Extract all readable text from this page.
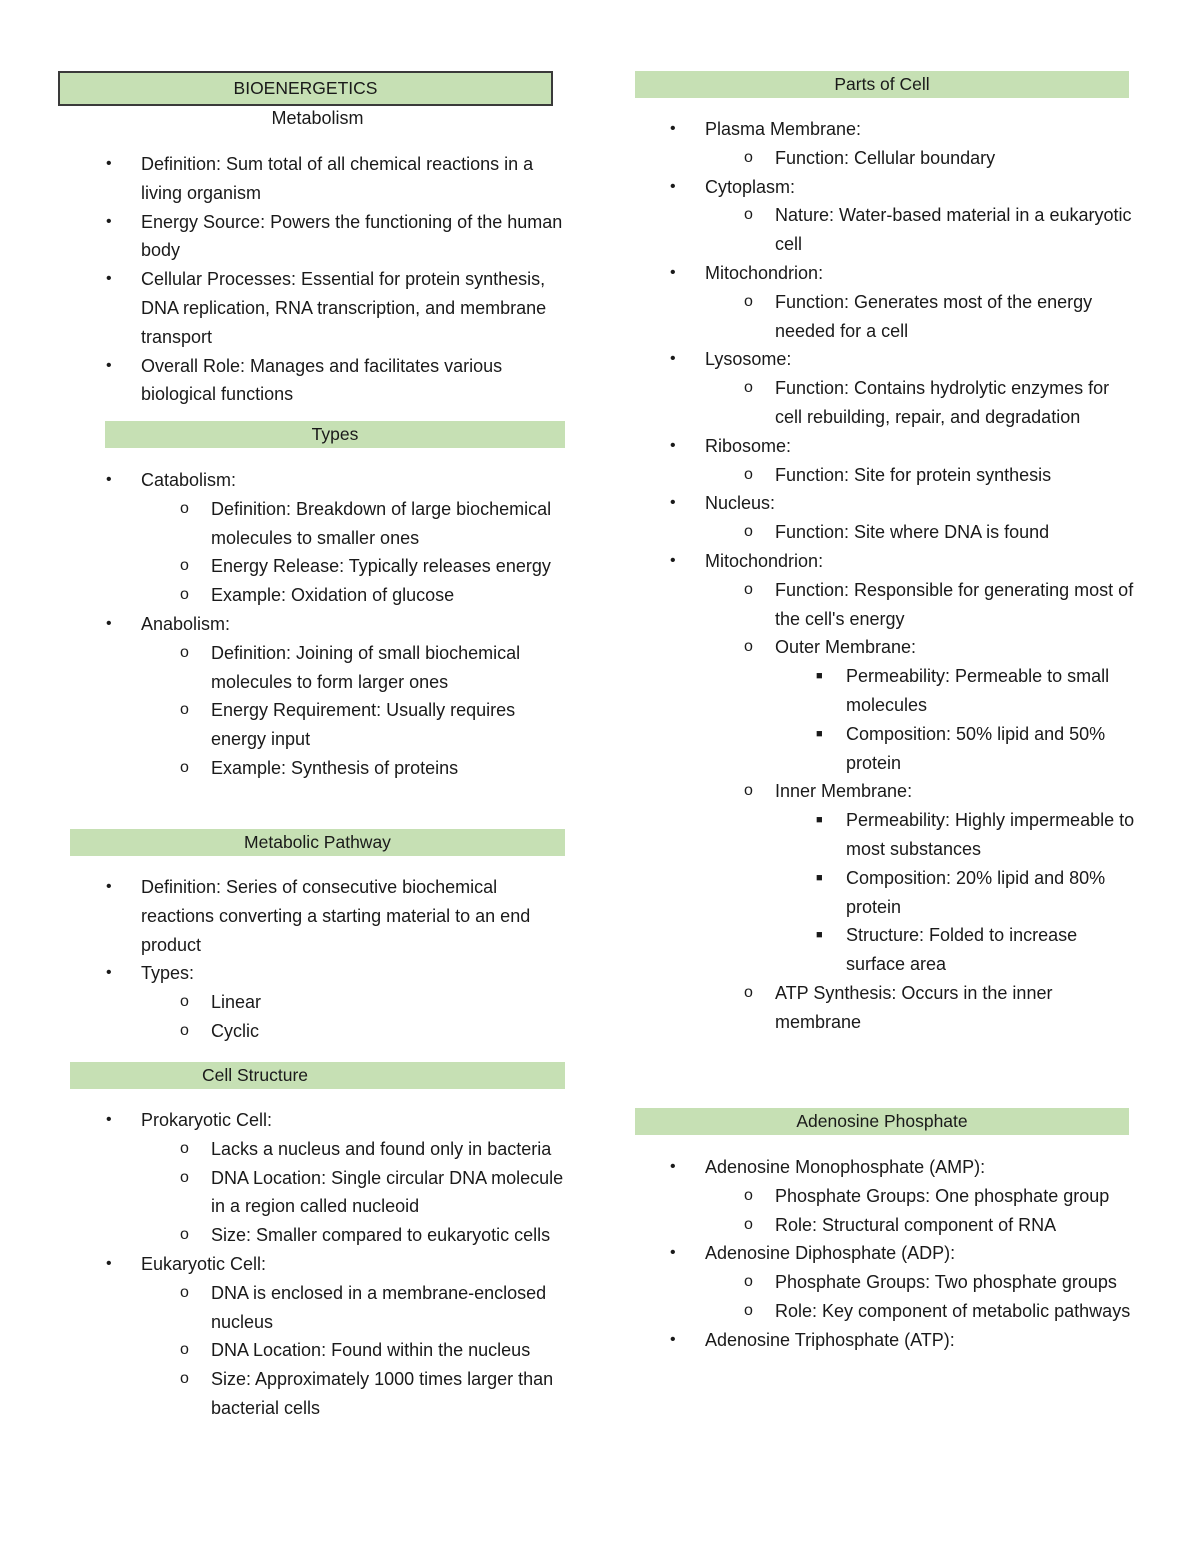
BIOENERGETICS
Metabolism
• Definition: Sum total of all chemical reactions in a living organism
• Energy Source: Powers the functioning of the human body
• Cellular Processes: Essential for protein synthesis, DNA replication, RNA transcription, and membrane transport
• Overall Role: Manages and facilitates various biological functions
Types
• Catabolism:
o Definition: Breakdown of large biochemical molecules to smaller ones
o Energy Release: Typically releases energy
o Example: Oxidation of glucose
• Anabolism:
o Definition: Joining of small biochemical molecules to form larger ones
o Energy Requirement: Usually requires energy input
o Example: Synthesis of proteins
Metabolic Pathway
• Definition: Series of consecutive biochemical reactions converting a starting material to an end product
• Types:
o Linear
o Cyclic
Cell Structure
• Prokaryotic Cell:
o Lacks a nucleus and found only in bacteria
o DNA Location: Single circular DNA molecule in a region called nucleoid
o Size: Smaller compared to eukaryotic cells
• Eukaryotic Cell:
o DNA is enclosed in a membrane-enclosed nucleus
o DNA Location: Found within the nucleus
o Size: Approximately 1000 times larger than bacterial cells
Parts of Cell
• Plasma Membrane:
o Function: Cellular boundary
• Cytoplasm:
o Nature: Water-based material in a eukaryotic cell
• Mitochondrion:
o Function: Generates most of the energy needed for a cell
• Lysosome:
o Function: Contains hydrolytic enzymes for cell rebuilding, repair, and degradation
• Ribosome:
o Function: Site for protein synthesis
• Nucleus:
o Function: Site where DNA is found
• Mitochondrion:
o Function: Responsible for generating most of the cell's energy
o Outer Membrane:
■ Permeability: Permeable to small molecules
■ Composition: 50% lipid and 50% protein
o Inner Membrane:
■ Permeability: Highly impermeable to most substances
■ Composition: 20% lipid and 80% protein
■ Structure: Folded to increase surface area
o ATP Synthesis: Occurs in the inner membrane
Adenosine Phosphate
• Adenosine Monophosphate (AMP):
o Phosphate Groups: One phosphate group
o Role: Structural component of RNA
• Adenosine Diphosphate (ADP):
o Phosphate Groups: Two phosphate groups
o Role: Key component of metabolic pathways
• Adenosine Triphosphate (ATP):
